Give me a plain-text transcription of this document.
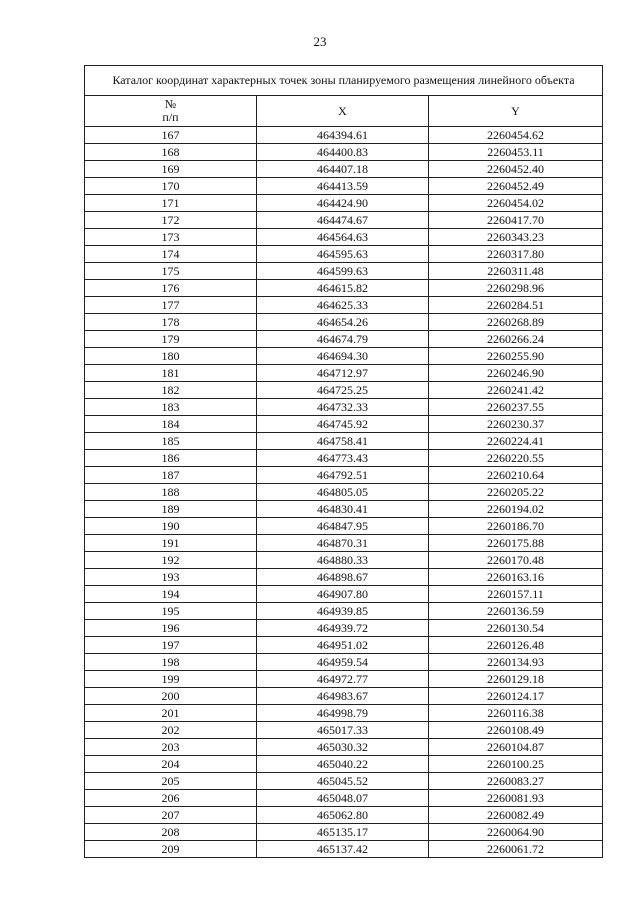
23
Каталог координат характерных точек зоны планируемого размещения линейного объекта		

№
п/п	X	Y
167	464394.61	2260454.62
168	464400.83	2260453.11
169	464407.18	2260452.40
170	464413.59	2260452.49
171	464424.90	2260454.02
172	464474.67	2260417.70
173	464564.63	2260343.23
174	464595.63	2260317.80
175	464599.63	2260311.48
176	464615.82	2260298.96
177	464625.33	2260284.51
178	464654.26	2260268.89
179	464674.79	2260266.24
180	464694.30	2260255.90
181	464712.97	2260246.90
182	464725.25	2260241.42
183	464732.33	2260237.55
184	464745.92	2260230.37
185	464758.41	2260224.41
186	464773.43	2260220.55
187	464792.51	2260210.64
188	464805.05	2260205.22
189	464830.41	2260194.02
190	464847.95	2260186.70
191	464870.31	2260175.88
192	464880.33	2260170.48
193	464898.67	2260163.16
194	464907.80	2260157.11
195	464939.85	2260136.59
196	464939.72	2260130.54
197	464951.02	2260126.48
198	464959.54	2260134.93
199	464972.77	2260129.18
200	464983.67	2260124.17
201	464998.79	2260116.38
202	465017.33	2260108.49
203	465030.32	2260104.87
204	465040.22	2260100.25
205	465045.52	2260083.27
206	465048.07	2260081.93
207	465062.80	2260082.49
208	465135.17	2260064.90
209	465137.42	2260061.72
